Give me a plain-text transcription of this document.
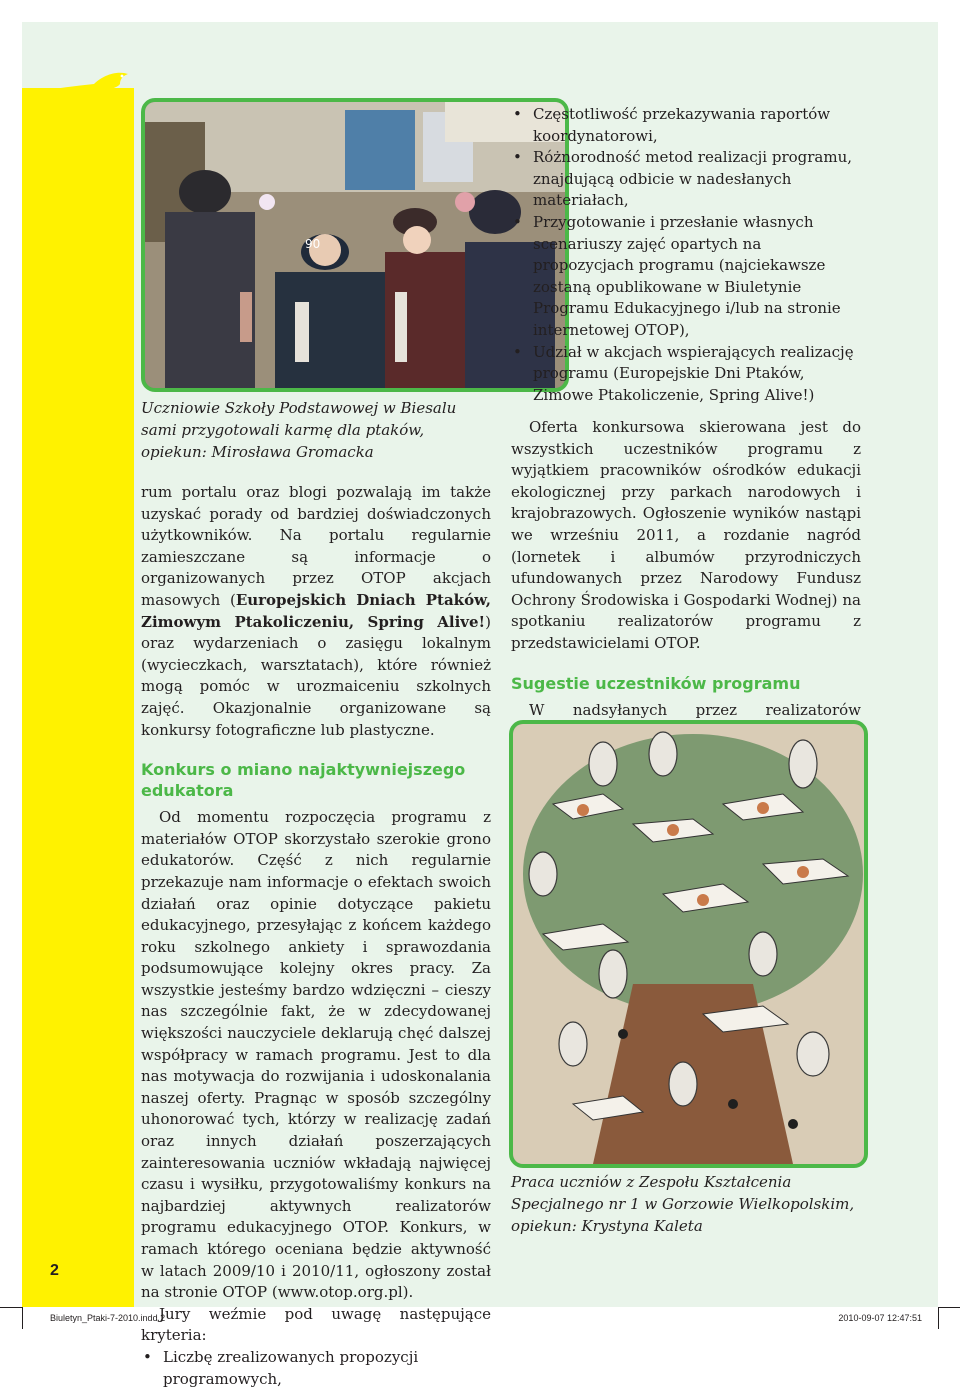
90
Uczniowie Szkoły Podstawowej w Biesalu sami przygotowali karmę dla ptaków, opiekun: Mirosława Gromacka

rum portalu oraz blogi pozwalają im także uzyskać porady od bardziej doświadczonych użytkowników. Na portalu regularnie zamieszczane są informacje o organizowanych przez OTOP akcjach masowych (Europejskich Dniach Ptaków, Zimowym Ptakoliczeniu, Spring Alive!) oraz wydarzeniach o zasięgu lokalnym (wycieczkach, warsztatach), które również mogą pomóc w urozmaiceniu szkolnych zajęć. Okazjonalnie organizowane są konkursy fotograficzne lub plastyczne.

Konkurs o miano najaktywniejszego edukatora

Od momentu rozpoczęcia programu z materiałów OTOP skorzystało szerokie grono edukatorów. Część z nich regularnie przekazuje nam informacje o efektach swoich działań oraz opinie dotyczące pakietu edukacyjnego, przesyłając z końcem każdego roku szkolnego ankiety i sprawozdania podsumowujące kolejny okres pracy. Za wszystkie jesteśmy bardzo wdzięczni – cieszy nas szczególnie fakt, że w zdecydowanej większości nauczyciele deklarują chęć dalszej współpracy w ramach programu. Jest to dla nas motywacja do rozwijania i udoskonalania naszej oferty. Pragnąc w sposób szczególny uhonorować tych, którzy w realizację zadań oraz innych działań poszerzających zainteresowania uczniów wkładają najwięcej czasu i wysiłku, przygotowaliśmy konkurs na najbardziej aktywnych realizatorów programu edukacyjnego OTOP. Konkurs, w ramach którego oceniana będzie aktywność w latach 2009/10 i 2010/11, ogłoszony został na stronie OTOP (www.otop.org.pl).

Jury weźmie pod uwagę następujące kryteria:

• Liczbę zrealizowanych propozycji programowych,
• Częstotliwość przekazywania raportów koordynatorowi,
• Różnorodność metod realizacji programu, znajdującą odbicie w nadesłanych materiałach,
• Przygotowanie i przesłanie własnych scenariuszy zajęć opartych na propozycjach programu (najciekawsze zostaną opublikowane w Biuletynie Programu Edukacyjnego i/lub na stronie internetowej OTOP),
• Udział w akcjach wspierających realizację programu (Europejskie Dni Ptaków, Zimowe Ptakoliczenie, Spring Alive!)

Oferta konkursowa skierowana jest do wszystkich uczestników programu z wyjątkiem pracowników ośrodków edukacji ekologicznej przy parkach narodowych i krajobrazowych. Ogłoszenie wyników nastąpi we wrześniu 2011, a rozdanie nagród (lornetek i albumów przyrodniczych ufundowanych przez Narodowy Fundusz Ochrony Środowiska i Gospodarki Wodnej) na spotkaniu realizatorów programu z przedstawicielami OTOP.

Sugestie uczestników programu

W nadsyłanych przez realizatorów

Praca uczniów z Zespołu Kształcenia Specjalnego nr 1 w Gorzowie Wielkopolskim, opiekun: Krystyna Kaleta
2
Biuletyn_Ptaki-7-2010.indd 2	2010-09-07 12:47:51
